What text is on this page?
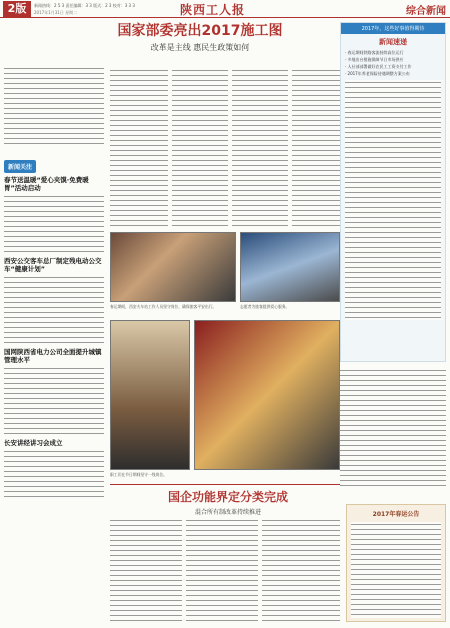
2版	新闻热线：2 5 3 责任编辑：3 3 版式：2 3 校对：3 3 3
2017年1月31日 星期二	陕西工人报	综合新闻
国家部委亮出2017施工图
改革是主线 惠民生政策如何
新闻关注
春节送温暖“爱心夹馍·免费暖胃”活动启动
西安公交客车总厂制定残电动公交车“健康计划”
国网陕西省电力公司全面提升城镇管理水平
长安讲经讲习会成立
2017年，这些好事值得期待
新闻速递
· 春运期间铁路客流持续高位运行
· 多地出台措施保障节日市场供应
· 人社部部署做好农民工工资支付工作
· 2017年养老保险待遇调整方案公布
春运期间，西安火车站工作人员坚守岗位，确保旅客平安出行。	志愿者为旅客提供爱心服务。
职工们在节日期间坚守一线岗位。
国企功能界定分类完成
混合所有制改革持续推进	2017年春运公告
